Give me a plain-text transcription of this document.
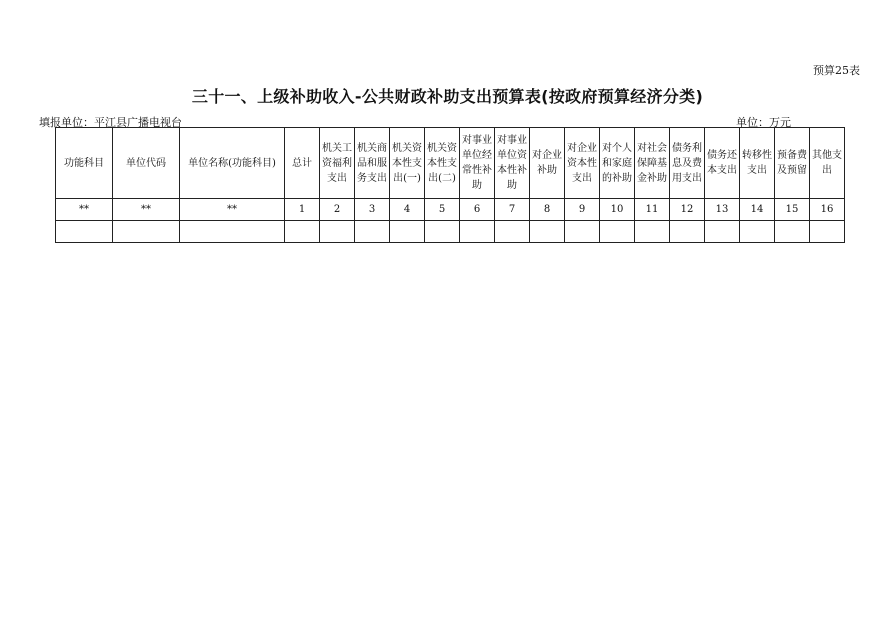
预算25表
三十一、上级补助收入-公共财政补助支出预算表(按政府预算经济分类)
填报单位：平江县广播电视台	单位：万元
功能科目	单位代码	单位名称(功能科目)	总计	机关工资福利支出	机关商品和服务支出	机关资本性支出(一)	机关资本性支出(二)	对事业单位经常性补助	对事业单位资本性补助	对企业补助	对企业资本性支出	对个人和家庭的补助	对社会保障基金补助	债务利息及费用支出	债务还本支出	转移性支出	预备费及预留	其他支出

**	**	**	1	2	3	4	5	6	7	8	9	10	11	12	13	14	15	16
